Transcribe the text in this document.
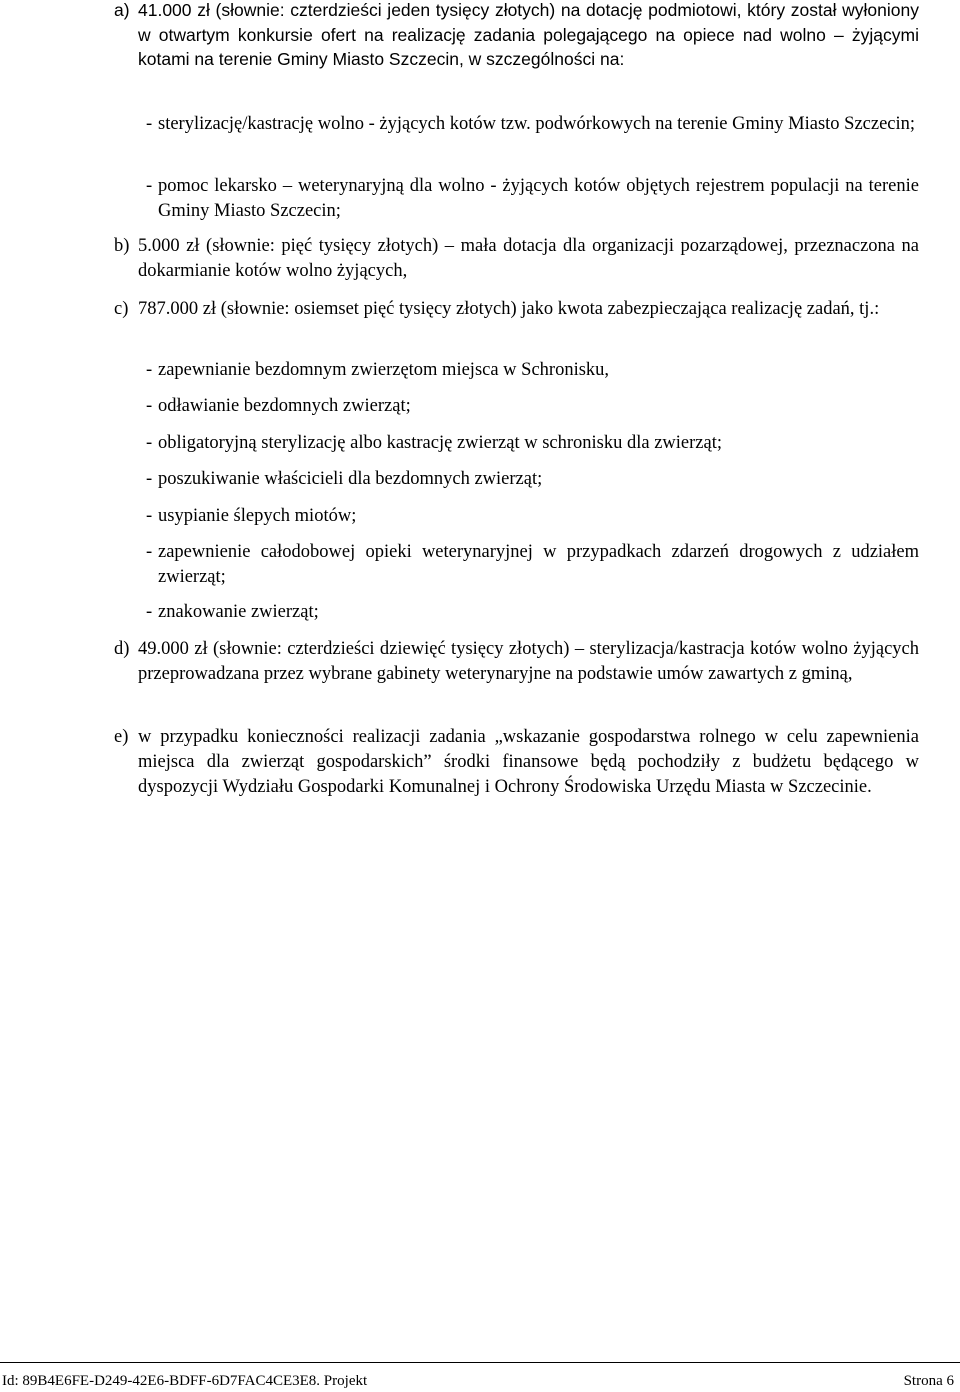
a) 41.000 zł (słownie: czterdzieści jeden tysięcy złotych) na dotację podmiotowi, który został wyłoniony w otwartym konkursie ofert na realizację zadania polegającego na opiece nad wolno – żyjącymi kotami na terenie Gminy Miasto Szczecin, w szczególności na:
- sterylizację/kastrację wolno - żyjących kotów tzw. podwórkowych na terenie Gminy Miasto Szczecin;
- pomoc lekarsko – weterynaryjną dla wolno - żyjących kotów objętych rejestrem populacji na terenie Gminy Miasto Szczecin;
b) 5.000 zł (słownie: pięć tysięcy złotych) – mała dotacja dla organizacji pozarządowej, przeznaczona na dokarmianie kotów wolno żyjących,
c) 787.000 zł (słownie: osiemset pięć tysięcy złotych) jako kwota zabezpieczająca realizację zadań, tj.:
- zapewnianie bezdomnym zwierzętom miejsca w Schronisku,
- odławianie bezdomnych zwierząt;
- obligatoryjną sterylizację albo kastrację zwierząt w schronisku dla zwierząt;
- poszukiwanie właścicieli dla bezdomnych zwierząt;
- usypianie ślepych miotów;
- zapewnienie całodobowej opieki weterynaryjnej w przypadkach zdarzeń drogowych z udziałem zwierząt;
- znakowanie zwierząt;
d) 49.000 zł (słownie: czterdzieści dziewięć tysięcy złotych) – sterylizacja/kastracja kotów wolno żyjących przeprowadzana przez wybrane gabinety weterynaryjne na podstawie umów zawartych z gminą,
e) w przypadku konieczności realizacji zadania „wskazanie gospodarstwa rolnego w celu zapewnienia miejsca dla zwierząt gospodarskich” środki finansowe będą pochodziły z budżetu będącego w dyspozycji Wydziału Gospodarki Komunalnej i Ochrony Środowiska Urzędu Miasta w Szczecinie.
Id: 89B4E6FE-D249-42E6-BDFF-6D7FAC4CE3E8. Projekt	Strona 6
